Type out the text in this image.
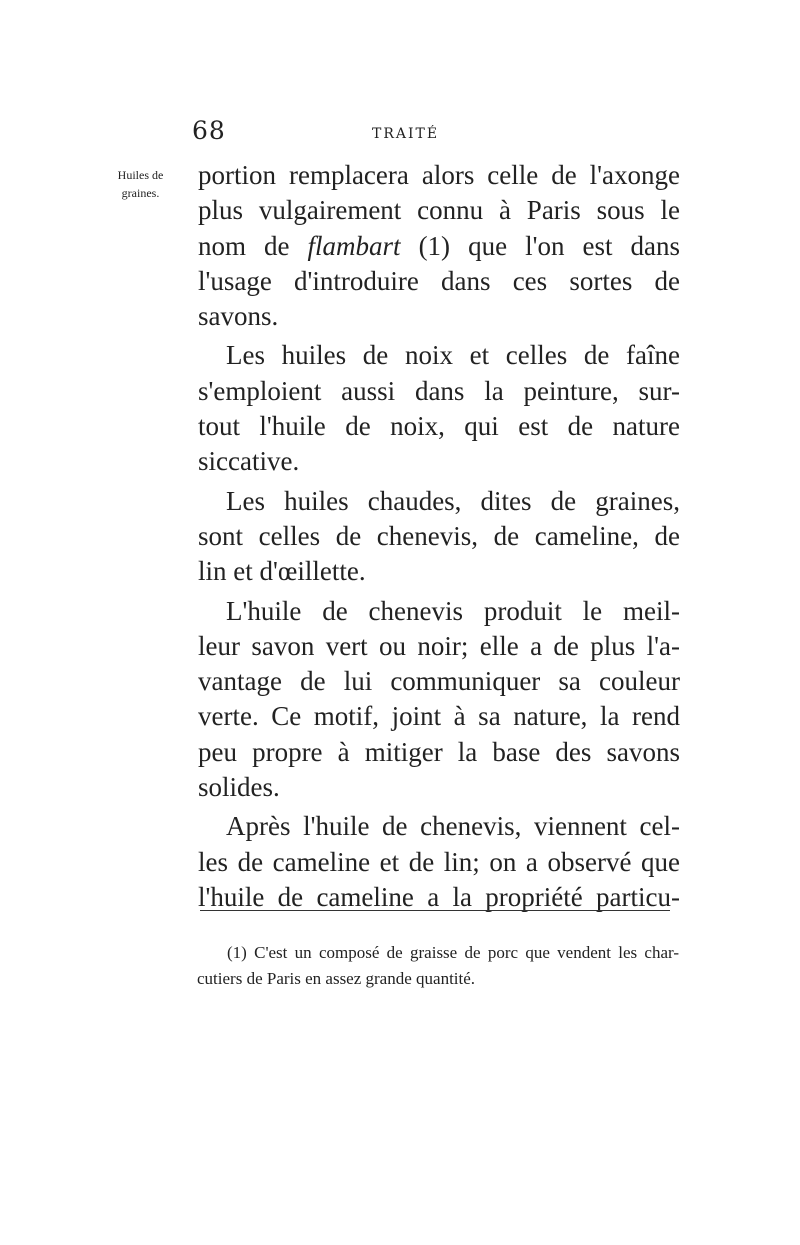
68	TRAITÉ
Huiles de
graines.
portion remplacera alors celle de l'axonge
plus vulgairement connu à Paris sous le
nom de flambart (1) que l'on est dans
l'usage d'introduire dans ces sortes de
savons.
Les huiles de noix et celles de faîne
s'emploient aussi dans la peinture, sur-
tout l'huile de noix, qui est de nature
siccative.
Les huiles chaudes, dites de graines,
sont celles de chenevis, de cameline, de
lin et d'œillette.
L'huile de chenevis produit le meil-
leur savon vert ou noir; elle a de plus l'a-
vantage de lui communiquer sa couleur
verte. Ce motif, joint à sa nature, la rend
peu propre à mitiger la base des savons
solides.
Après l'huile de chenevis, viennent cel-
les de cameline et de lin; on a observé que
l'huile de cameline a la propriété particu-
(1) C'est un composé de graisse de porc que vendent les char-
cutiers de Paris en assez grande quantité.
